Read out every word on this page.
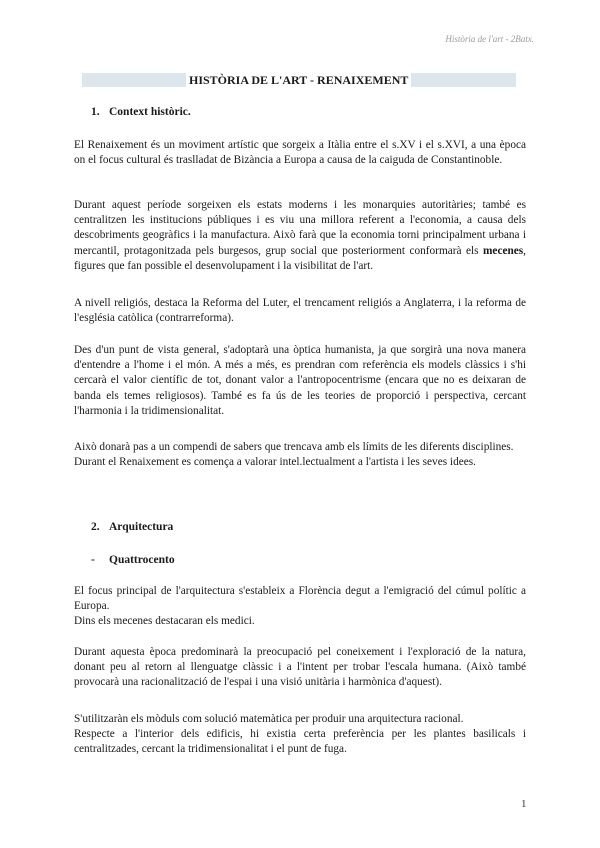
Història de l'art - 2Batx.
HISTÒRIA DE L'ART - RENAIXEMENT
1. Context històric.
El Renaixement és un moviment artístic que sorgeix a Itàlia entre el s.XV i el s.XVI, a una època on el focus cultural és traslladat de Bizància a Europa a causa de la caiguda de Constantinoble.
Durant aquest període sorgeixen els estats moderns i les monarquies autoritàries; també es centralitzen les institucions públiques i es viu una millora referent a l'economia, a causa dels descobriments geogràfics i la manufactura. Això farà que la economia torni principalment urbana i mercantil, protagonitzada pels burgesos, grup social que posteriorment conformarà els mecenes, figures que fan possible el desenvolupament i la visibilitat de l'art.
A nivell religiós, destaca la Reforma del Luter, el trencament religiós a Anglaterra, i la reforma de l'església catòlica (contrarreforma).
Des d'un punt de vista general, s'adoptarà una òptica humanista, ja que sorgirà una nova manera d'entendre a l'home i el món. A més a més, es prendran com referència els models clàssics i s'hi cercarà el valor científic de tot, donant valor a l'antropocentrisme (encara que no es deixaran de banda els temes religiosos). També es fa ús de les teories de proporció i perspectiva, cercant l'harmonia i la tridimensionalitat.
Això donarà pas a un compendi de sabers que trencava amb els límits de les diferents disciplines.
Durant el Renaixement es comença a valorar intel.lectualment a l'artista i les seves idees.
2. Arquitectura
- Quattrocento
El focus principal de l'arquitectura s'estableix a Florència degut a l'emigració del cúmul polític a Europa.
Dins els mecenes destacaran els medici.
Durant aquesta època predominarà la preocupació pel coneixement i l'exploració de la natura, donant peu al retorn al llenguatge clàssic i a l'intent per trobar l'escala humana. (Això també provocarà una racionalització de l'espai i una visió unitària i harmònica d'aquest).
S'utilitzaràn els mòduls com solució matemàtica per produir una arquitectura racional.
Respecte a l'interior dels edificis, hi existia certa preferència per les plantes basilicals i centralitzades, cercant la tridimensionalitat i el punt de fuga.
1
